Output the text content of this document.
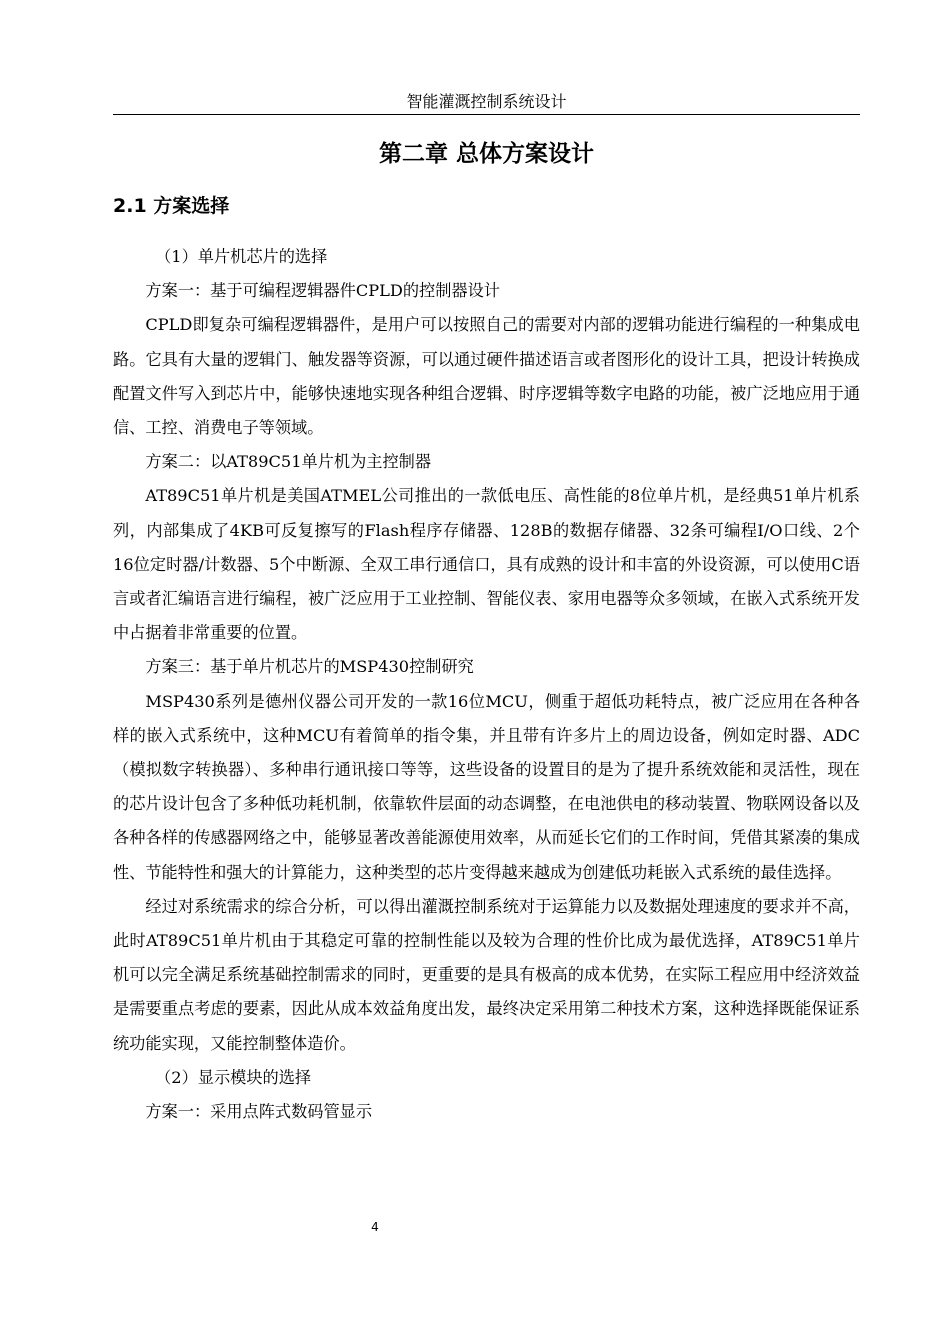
智能灌溉控制系统设计
第二章 总体方案设计
2.1 方案选择

（1）单片机芯片的选择

方案一：基于可编程逻辑器件CPLD的控制器设计

CPLD即复杂可编程逻辑器件，是用户可以按照自己的需要对内部的逻辑功能进行编程的一种集成电路。它具有大量的逻辑门、触发器等资源，可以通过硬件描述语言或者图形化的设计工具，把设计转换成配置文件写入到芯片中，能够快速地实现各种组合逻辑、时序逻辑等数字电路的功能，被广泛地应用于通信、工控、消费电子等领域。

方案二：以AT89C51单片机为主控制器

AT89C51单片机是美国ATMEL公司推出的一款低电压、高性能的8位单片机，是经典51单片机系列，内部集成了4KB可反复擦写的Flash程序存储器、128B的数据存储器、32条可编程I/O口线、2个16位定时器/计数器、5个中断源、全双工串行通信口，具有成熟的设计和丰富的外设资源，可以使用C语言或者汇编语言进行编程，被广泛应用于工业控制、智能仪表、家用电器等众多领域，在嵌入式系统开发中占据着非常重要的位置。

方案三：基于单片机芯片的MSP430控制研究

MSP430系列是德州仪器公司开发的一款16位MCU，侧重于超低功耗特点，被广泛应用在各种各样的嵌入式系统中，这种MCU有着简单的指令集，并且带有许多片上的周边设备，例如定时器、ADC（模拟数字转换器）、多种串行通讯接口等等，这些设备的设置目的是为了提升系统效能和灵活性，现在的芯片设计包含了多种低功耗机制，依靠软件层面的动态调整，在电池供电的移动装置、物联网设备以及各种各样的传感器网络之中，能够显著改善能源使用效率，从而延长它们的工作时间，凭借其紧凑的集成性、节能特性和强大的计算能力，这种类型的芯片变得越来越成为创建低功耗嵌入式系统的最佳选择。

经过对系统需求的综合分析，可以得出灌溉控制系统对于运算能力以及数据处理速度的要求并不高，此时AT89C51单片机由于其稳定可靠的控制性能以及较为合理的性价比成为最优选择，AT89C51单片机可以完全满足系统基础控制需求的同时，更重要的是具有极高的成本优势，在实际工程应用中经济效益是需要重点考虑的要素，因此从成本效益角度出发，最终决定采用第二种技术方案，这种选择既能保证系统功能实现，又能控制整体造价。

（2）显示模块的选择

方案一：采用点阵式数码管显示

4
